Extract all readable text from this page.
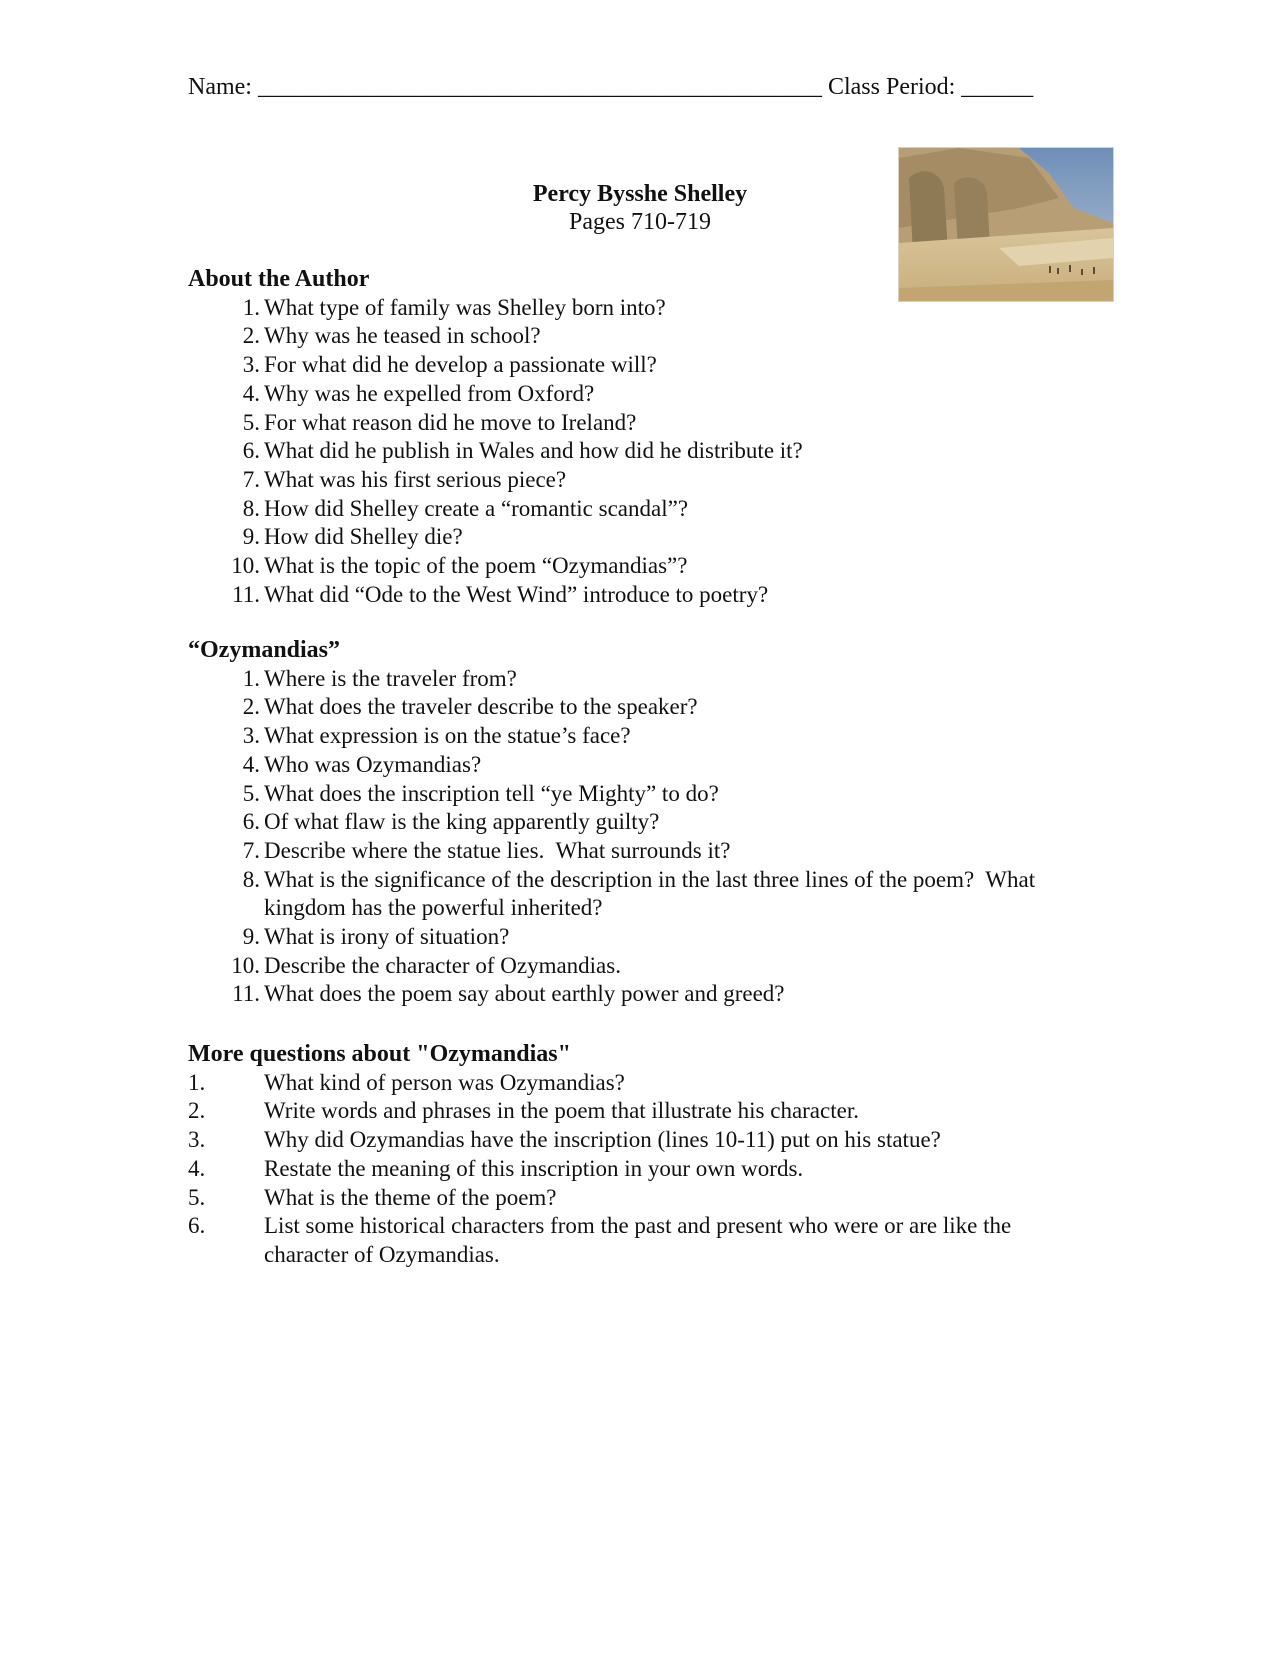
Name: _______________________________________________ Class Period: ______
Percy Bysshe Shelley
Pages 710-719
About the Author
1. What type of family was Shelley born into?
2. Why was he teased in school?
3. For what did he develop a passionate will?
4. Why was he expelled from Oxford?
5. For what reason did he move to Ireland?
6. What did he publish in Wales and how did he distribute it?
7. What was his first serious piece?
8. How did Shelley create a “romantic scandal”?
9. How did Shelley die?
10. What is the topic of the poem “Ozymandias”?
11. What did “Ode to the West Wind” introduce to poetry?
“Ozymandias”
1. Where is the traveler from?
2. What does the traveler describe to the speaker?
3. What expression is on the statue’s face?
4. Who was Ozymandias?
5. What does the inscription tell “ye Mighty” to do?
6. Of what flaw is the king apparently guilty?
7. Describe where the statue lies.  What surrounds it?
8. What is the significance of the description in the last three lines of the poem?  What kingdom has the powerful inherited?
9. What is irony of situation?
10. Describe the character of Ozymandias.
11. What does the poem say about earthly power and greed?
More questions about "Ozymandias"
1.	What kind of person was Ozymandias?
2.	Write words and phrases in the poem that illustrate his character.
3.	Why did Ozymandias have the inscription (lines 10-11) put on his statue?
4.	Restate the meaning of this inscription in your own words.
5.	What is the theme of the poem?
6.	List some historical characters from the past and present who were or are like the character of Ozymandias.
